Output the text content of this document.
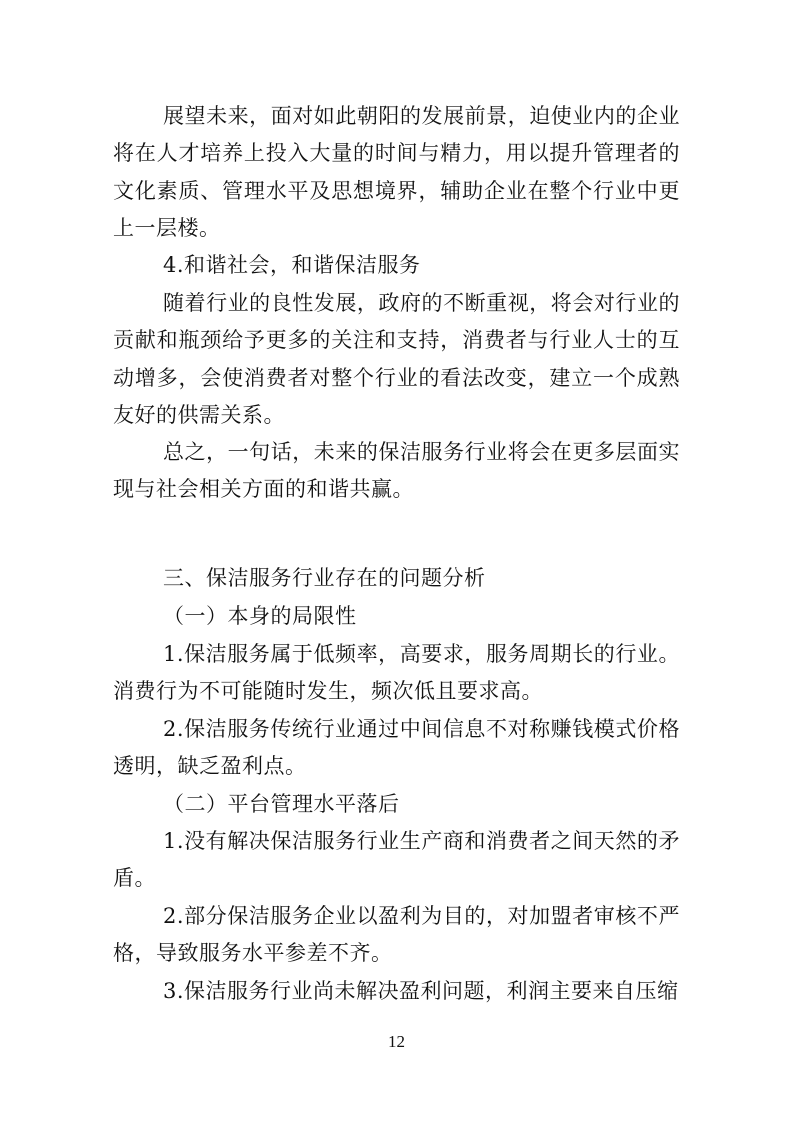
展望未来，面对如此朝阳的发展前景，迫使业内的企业将在人才培养上投入大量的时间与精力，用以提升管理者的文化素质、管理水平及思想境界，辅助企业在整个行业中更上一层楼。

4.和谐社会，和谐保洁服务

随着行业的良性发展，政府的不断重视，将会对行业的贡献和瓶颈给予更多的关注和支持，消费者与行业人士的互动增多，会使消费者对整个行业的看法改变，建立一个成熟友好的供需关系。

总之，一句话，未来的保洁服务行业将会在更多层面实现与社会相关方面的和谐共赢。

三、保洁服务行业存在的问题分析

（一）本身的局限性

1.保洁服务属于低频率，高要求，服务周期长的行业。消费行为不可能随时发生，频次低且要求高。

2.保洁服务传统行业通过中间信息不对称赚钱模式价格透明，缺乏盈利点。

（二）平台管理水平落后

1.没有解决保洁服务行业生产商和消费者之间天然的矛盾。

2.部分保洁服务企业以盈利为目的，对加盟者审核不严格，导致服务水平参差不齐。

3.保洁服务行业尚未解决盈利问题，利润主要来自压缩

12
